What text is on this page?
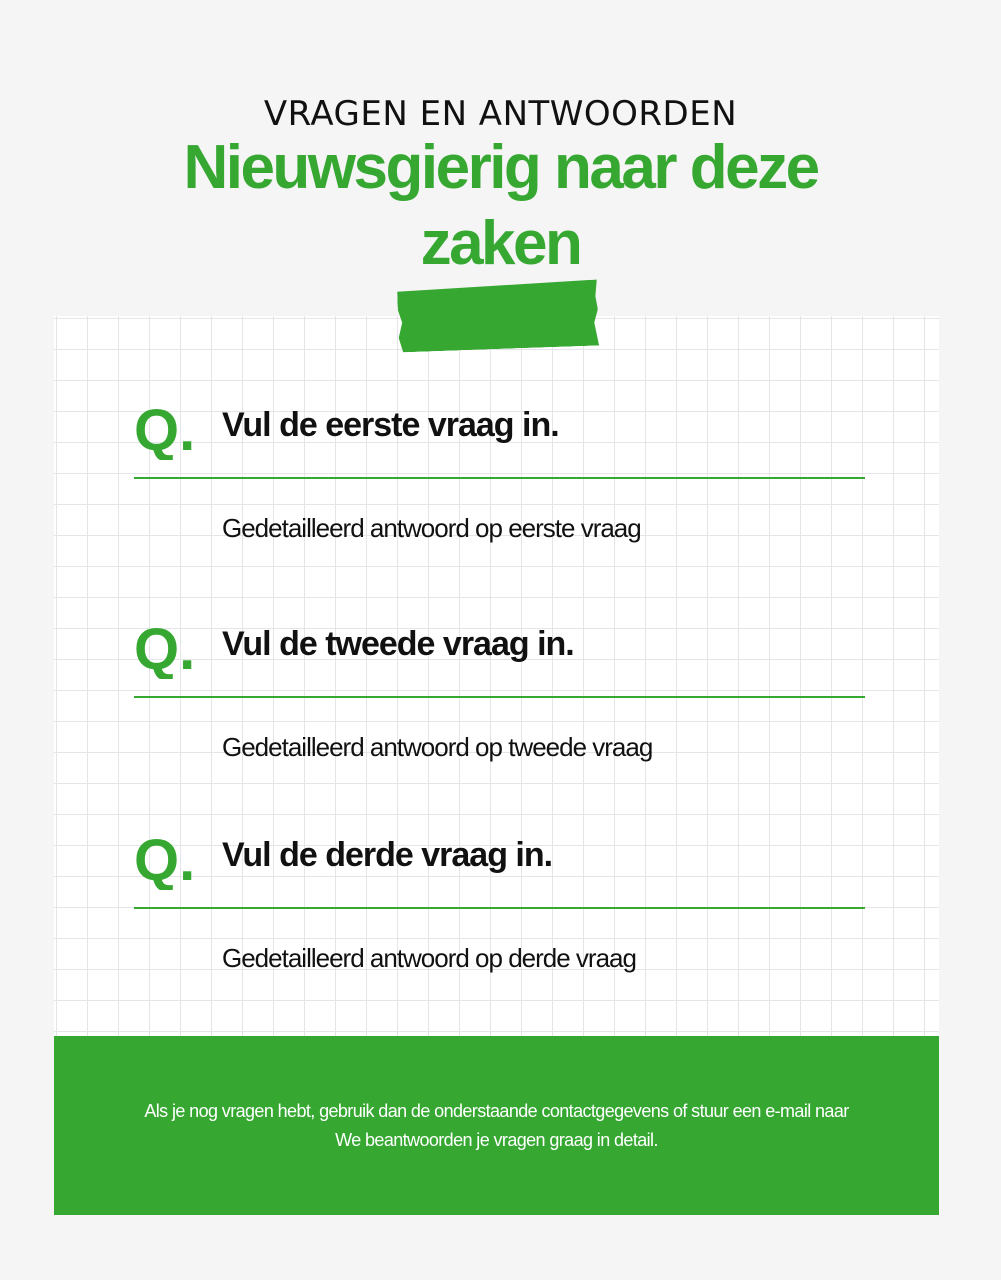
VRAGEN EN ANTWOORDEN
Nieuwsgierig naar deze zaken
Q. Vul de eerste vraag in.
Gedetailleerd antwoord op eerste vraag
Q. Vul de tweede vraag in.
Gedetailleerd antwoord op tweede vraag
Q. Vul de derde vraag in.
Gedetailleerd antwoord op derde vraag
Als je nog vragen hebt, gebruik dan de onderstaande contactgegevens of stuur een e-mail naar
We beantwoorden je vragen graag in detail.
